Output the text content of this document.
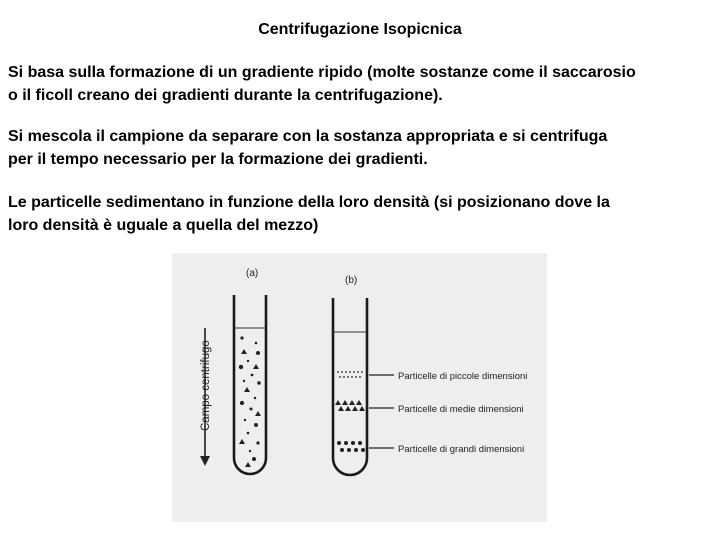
Centrifugazione Isopicnica
Si basa sulla formazione di un gradiente ripido (molte sostanze come il saccarosio
o il ficoll creano dei gradienti durante la centrifugazione).
Si mescola il campione da separare con la sostanza appropriata e si centrifuga
per il tempo necessario per la formazione dei gradienti.
Le particelle sedimentano in funzione della loro densità (si posizionano dove la
loro densità è uguale a quella del mezzo)
Campo centrifugo
(a)
(b)
Particelle di piccole dimensioni
Particelle di medie dimensioni
Particelle di grandi dimensioni
